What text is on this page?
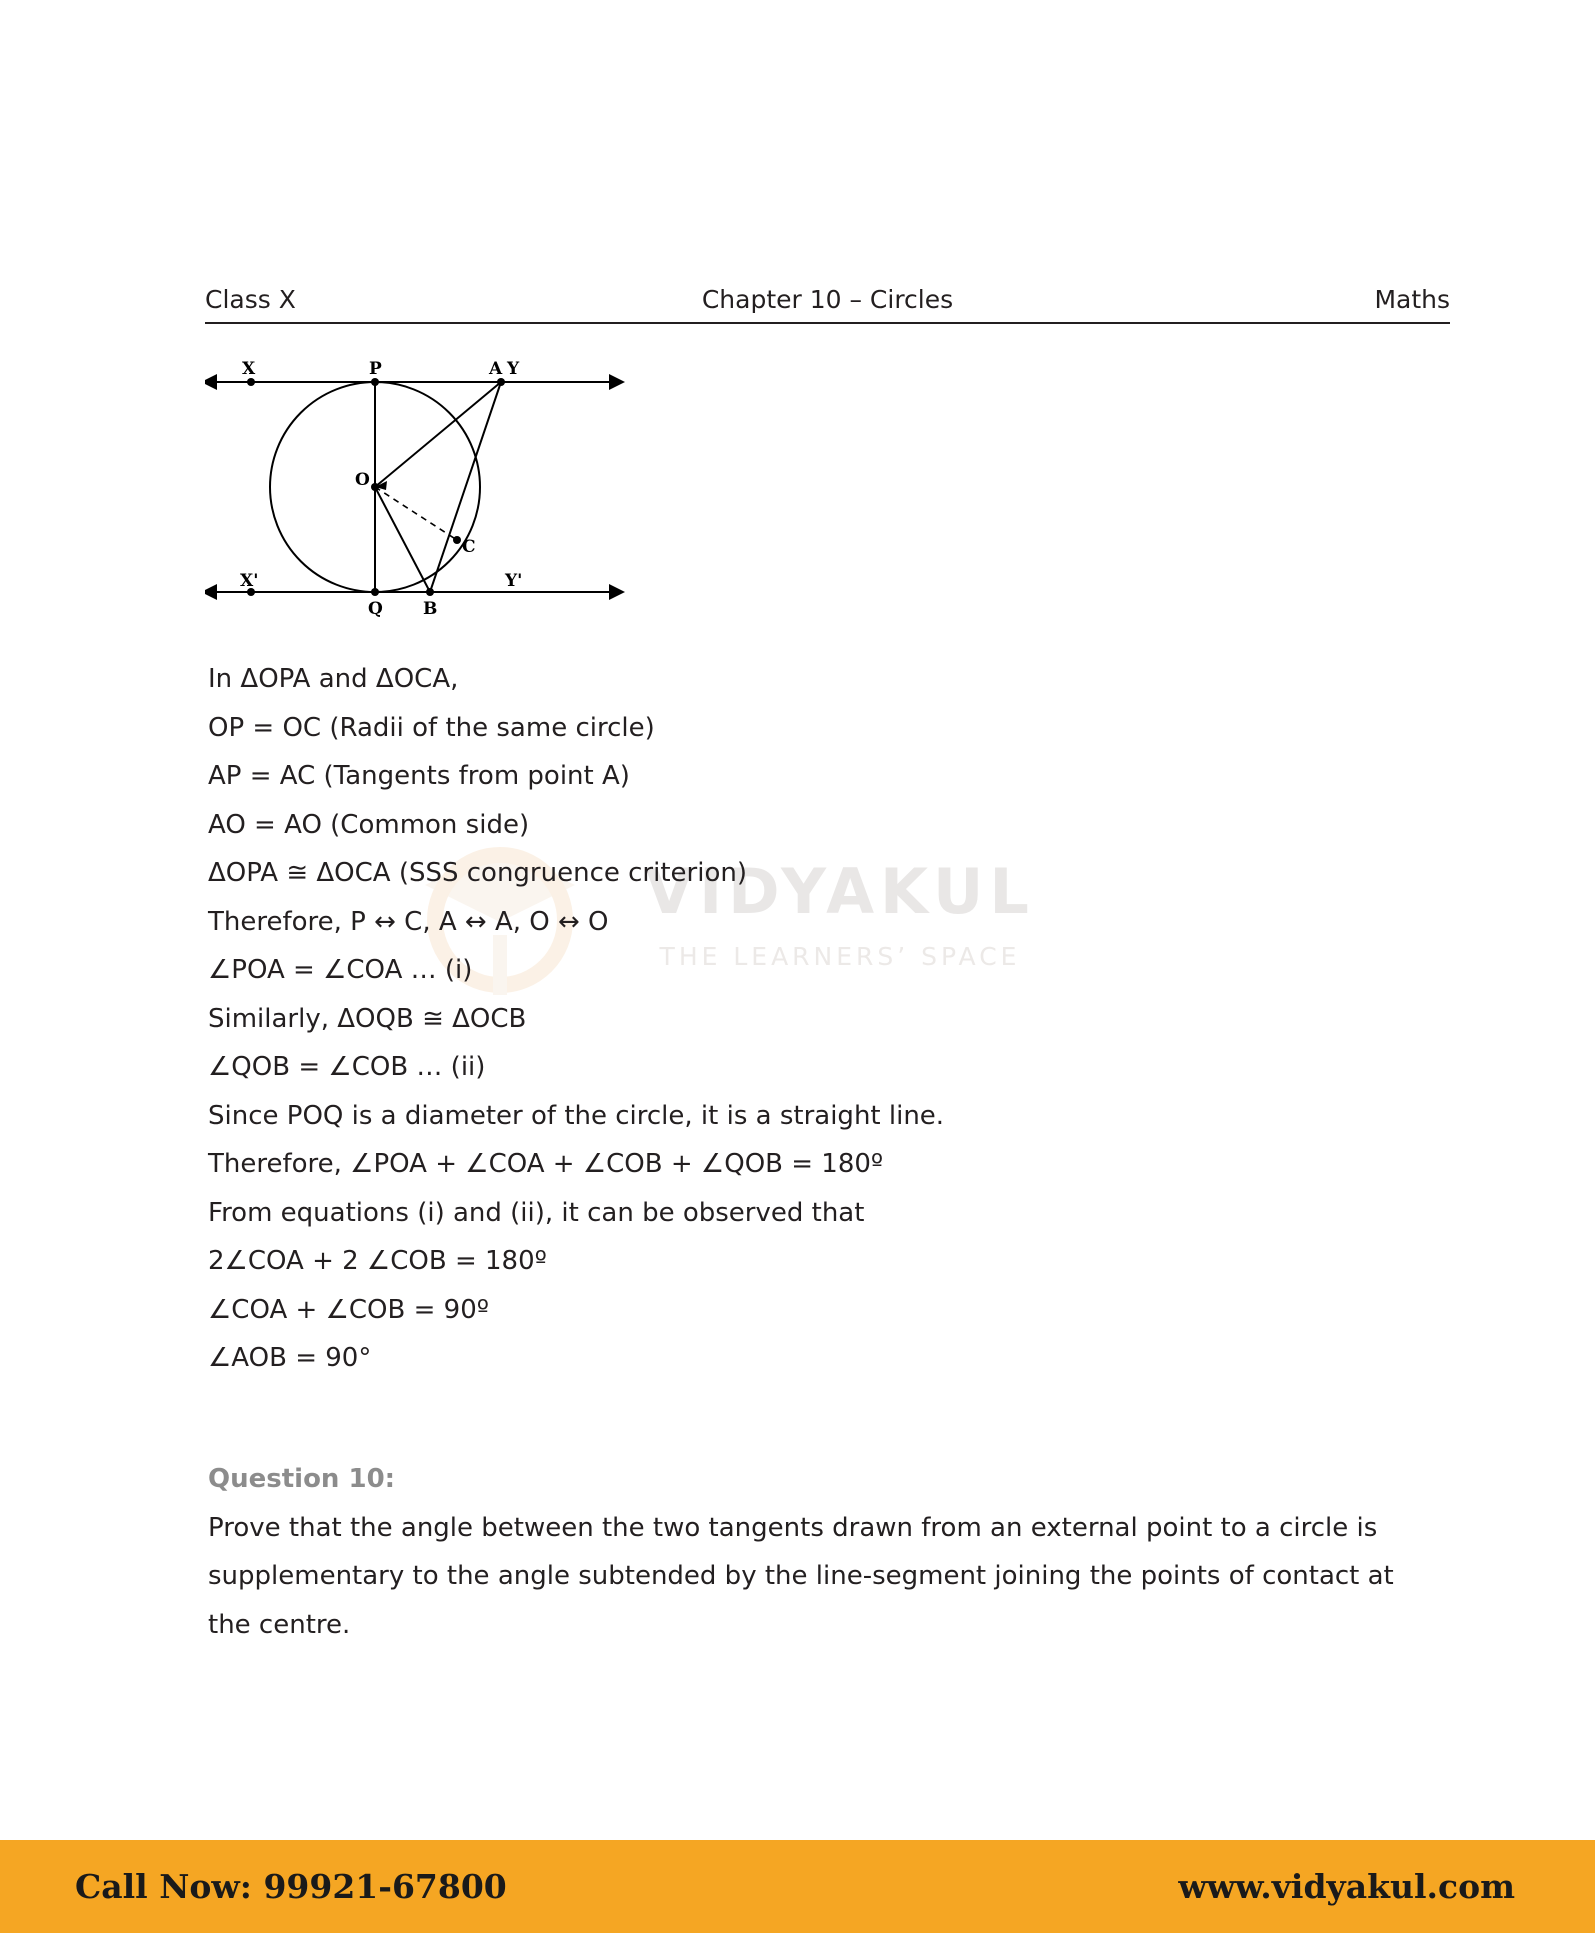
Class X	Chapter 10 – Circles	Maths
X	P	A Y
X'
Q B
Y'
C
O
VIDYAKUL
THE LEARNERS’ SPACE

In ΔOPA and ΔOCA,

OP = OC (Radii of the same circle)

AP = AC (Tangents from point A)

AO = AO (Common side)

ΔOPA ≅ ΔOCA (SSS congruence criterion)

Therefore, P ↔ C, A ↔ A, O ↔ O

∠POA = ∠COA … (i)

Similarly, ΔOQB ≅ ΔOCB

∠QOB = ∠COB … (ii)

Since POQ is a diameter of the circle, it is a straight line.

Therefore, ∠POA + ∠COA + ∠COB + ∠QOB = 180º

From equations (i) and (ii), it can be observed that

2∠COA + 2 ∠COB = 180º

∠COA + ∠COB = 90º

∠AOB = 90°

Question 10:

Prove that the angle between the two tangents drawn from an external point to a circle is supplementary to the angle subtended by the line-segment joining the points of contact at the centre.

Call Now: 99921-67800	www.vidyakul.com
